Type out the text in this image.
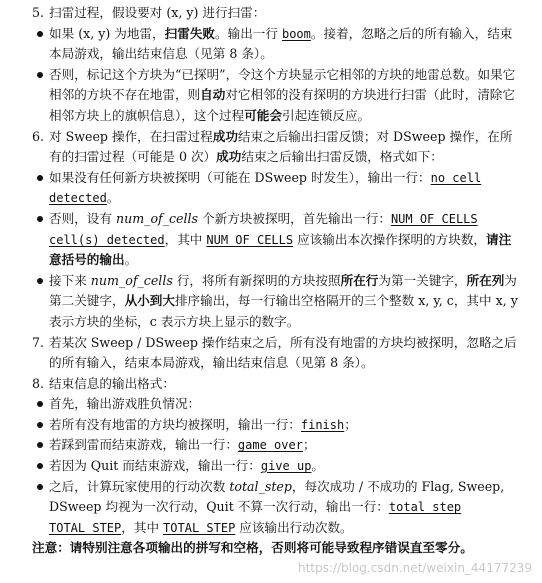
5. 扫雷过程，假设要对 (x, y) 进行扫雷：
如果 (x, y) 为地雷，扫雷失败。输出一行 boom。接着，忽略之后的所有输入，结束本局游戏，输出结束信息（见第 8 条）。
否则，标记这个方块为“已探明”，令这个方块显示它相邻的方块的地雷总数。如果它相邻的方块不存在地雷，则自动对它相邻的没有探明的方块进行扫雷（此时，清除它相邻方块上的旗帜信息），这个过程可能会引起连锁反应。
6. 对 Sweep 操作，在扫雷过程成功结束之后输出扫雷反馈；对 DSweep 操作，在所有的扫雷过程（可能是 0 次）成功结束之后输出扫雷反馈，格式如下：
如果没有任何新方块被探明（可能在 DSweep 时发生），输出一行：no cell detected。
否则，设有 num_of_cells 个新方块被探明，首先输出一行：NUM_OF_CELLS cell(s) detected，其中 NUM_OF_CELLS 应该输出本次操作探明的方块数，请注意括号的输出。
接下来 num_of_cells 行，将所有新探明的方块按照所在行为第一关键字，所在列为第二关键字，从小到大排序输出，每一行输出空格隔开的三个整数 x, y, c，其中 x, y 表示方块的坐标，c 表示方块上显示的数字。
7. 若某次 Sweep / DSweep 操作结束之后，所有没有地雷的方块均被探明，忽略之后的所有输入，结束本局游戏，输出结束信息（见第 8 条）。
8. 结束信息的输出格式：
首先，输出游戏胜负情况：
若所有没有地雷的方块均被探明，输出一行：finish；
若踩到雷而结束游戏，输出一行：game over；
若因为 Quit 而结束游戏，输出一行：give up。
之后，计算玩家使用的行动次数 total_step，每次成功 / 不成功的 Flag, Sweep, DSweep 均视为一次行动，Quit 不算一次行动，输出一行：total step TOTAL_STEP，其中 TOTAL_STEP 应该输出行动次数。
注意：请特别注意各项输出的拼写和空格，否则将可能导致程序错误直至零分。
https://blog.csdn.net/weixin_44177239
